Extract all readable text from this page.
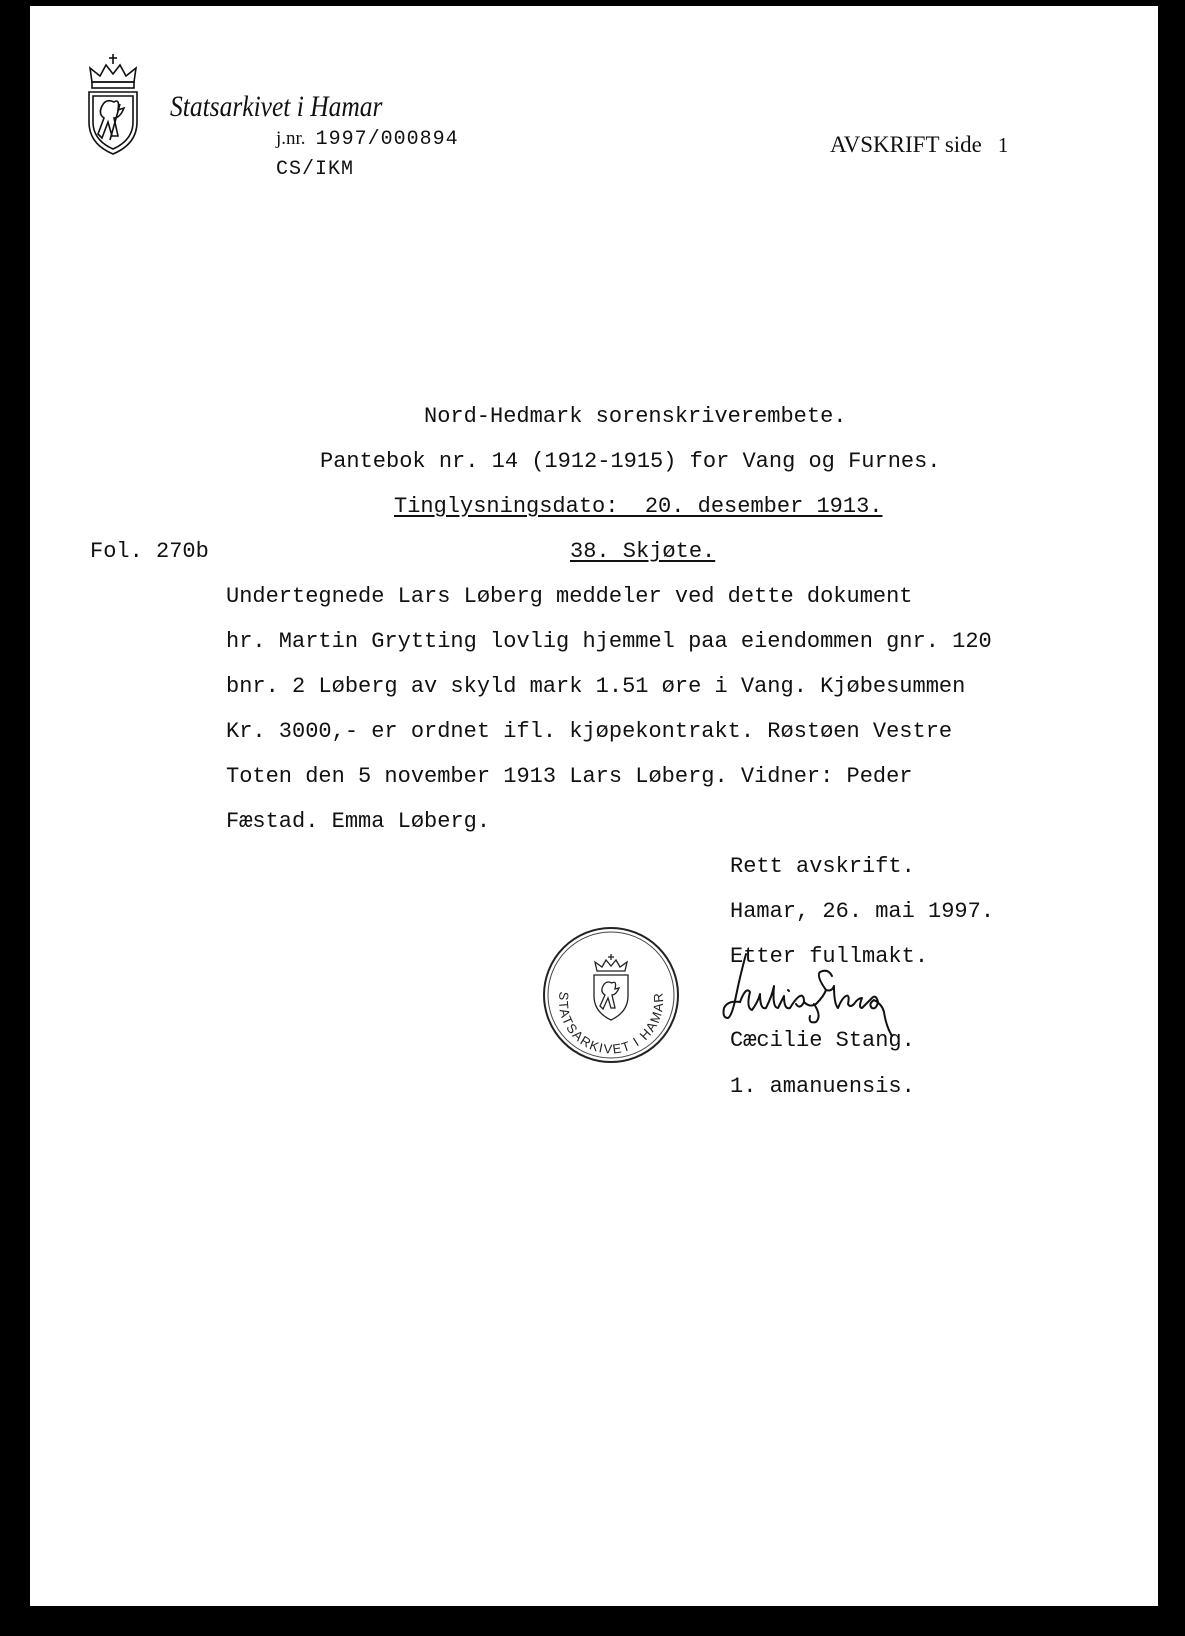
Statsarkivet i Hamar
j.nr. 1997/000894
CS/IKM
AVSKRIFT side 1
Nord-Hedmark sorenskriverembete.
Pantebok nr. 14 (1912-1915) for Vang og Furnes.
Tinglysningsdato:  20. desember 1913.
Fol. 270b	38. Skjøte.
Undertegnede Lars Løberg meddeler ved dette dokument
hr. Martin Grytting lovlig hjemmel paa eiendommen gnr. 120
bnr. 2 Løberg av skyld mark 1.51 øre i Vang. Kjøbesummen
Kr. 3000,- er ordnet ifl. kjøpekontrakt. Røstøen Vestre
Toten den 5 november 1913 Lars Løberg. Vidner: Peder
Fæstad. Emma Løberg.
Rett avskrift.
Hamar, 26. mai 1997.
Etter fullmakt.
Cæcilie Stang.
1. amanuensis.
STATSARKIVET I HAMAR
